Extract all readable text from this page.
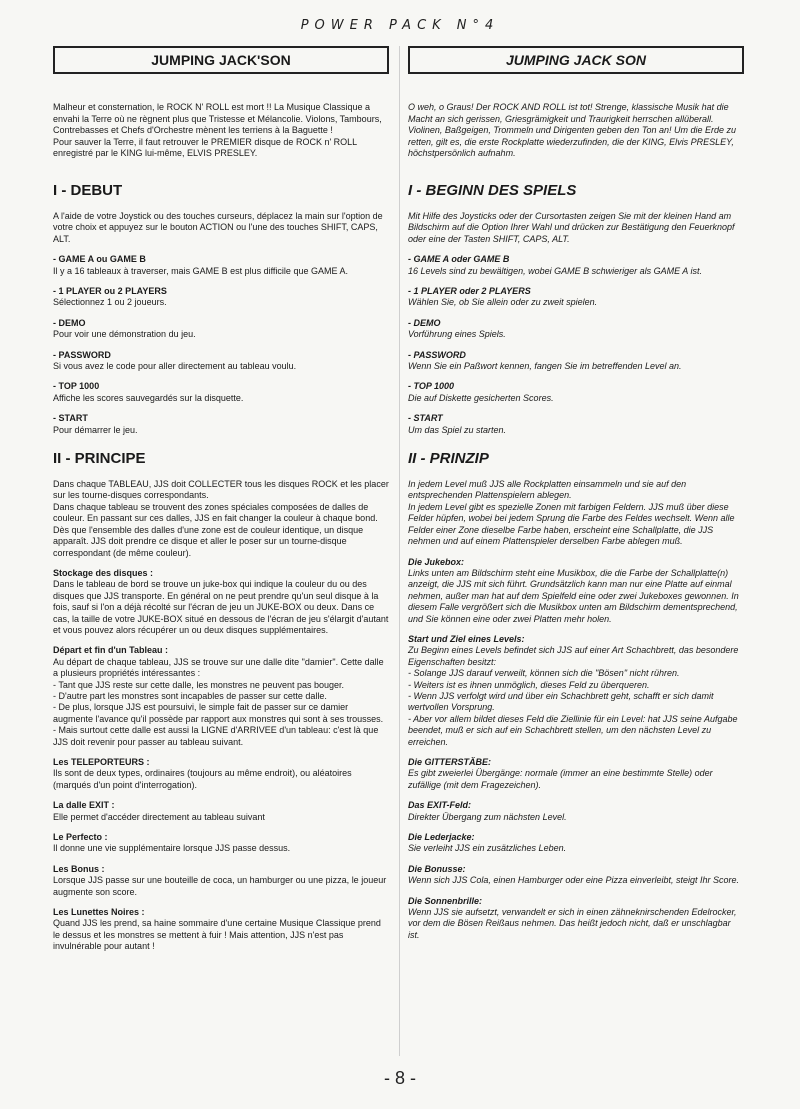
POWER PACK N°4
JUMPING JACK'SON

Malheur et consternation, le ROCK N' ROLL est mort !! La Musique Classique a envahi la Terre où ne règnent plus que Tristesse et Mélancolie. Violons, Tambours, Contrebasses et Chefs d'Orchestre mènent les terriens à la Baguette !
Pour sauver la Terre, il faut retrouver le PREMIER disque de ROCK n' ROLL enregistré par le KING lui-même, ELVIS PRESLEY.

I - DEBUT
A l'aide de votre Joystick ou des touches curseurs, déplacez la main sur l'option de votre choix et appuyez sur le bouton ACTION ou l'une des touches SHIFT, CAPS, ALT.
- GAME A ou GAME B
Il y a 16 tableaux à traverser, mais GAME B est plus difficile que GAME A.
- 1 PLAYER ou 2 PLAYERS
Sélectionnez 1 ou 2 joueurs.
- DEMO
Pour voir une démonstration du jeu.
- PASSWORD
Si vous avez le code pour aller directement au tableau voulu.
- TOP 1000
Affiche les scores sauvegardés sur la disquette.
- START
Pour démarrer le jeu.
II - PRINCIPE
Dans chaque TABLEAU, JJS doit COLLECTER tous les disques ROCK et les placer sur les tourne-disques correspondants.
Dans chaque tableau se trouvent des zones spéciales composées de dalles de couleur. En passant sur ces dalles, JJS en fait changer la couleur à chaque bond. Dès que l'ensemble des dalles d'une zone est de couleur identique, un disque apparaît. JJS doit prendre ce disque et aller le poser sur un tourne-disque correspondant (de même couleur).
Stockage des disques :
Dans le tableau de bord se trouve un juke-box qui indique la couleur du ou des disques que JJS transporte. En général on ne peut prendre qu'un seul disque à la fois, sauf si l'on a déjà récolté sur l'écran de jeu un JUKE-BOX ou deux. Dans ce cas, la taille de votre JUKE-BOX situé en dessous de l'écran de jeu s'élargit d'autant et vous pouvez alors récupérer un ou deux disques supplémentaires.
Départ et fin d'un Tableau :
Au départ de chaque tableau, JJS se trouve sur une dalle dite "damier". Cette dalle a plusieurs propriétés intéressantes :
- Tant que JJS reste sur cette dalle, les monstres ne peuvent pas bouger.
- D'autre part les monstres sont incapables de passer sur cette dalle.
- De plus, lorsque JJS est poursuivi, le simple fait de passer sur ce damier augmente l'avance qu'il possède par rapport aux monstres qui sont à ses trousses.
- Mais surtout cette dalle est aussi la LIGNE d'ARRIVEE d'un tableau: c'est là que JJS doit revenir pour passer au tableau suivant.
Les TELEPORTEURS :
Ils sont de deux types, ordinaires (toujours au même endroit), ou aléatoires (marqués d'un point d'interrogation).
La dalle EXIT :
Elle permet d'accéder directement au tableau suivant
Le Perfecto :
Il donne une vie supplémentaire lorsque JJS passe dessus.
Les Bonus :
Lorsque JJS passe sur une bouteille de coca, un hamburger ou une pizza, le joueur augmente son score.
Les Lunettes Noires :
Quand JJS les prend, sa haine sommaire d'une certaine Musique Classique prend le dessus et les monstres se mettent à fuir ! Mais attention, JJS n'est pas invulnérable pour autant !
JUMPING JACK SON

O weh, o Graus! Der ROCK AND ROLL ist tot! Strenge, klassische Musik hat die Macht an sich gerissen, Griesgrämigkeit und Traurigkeit herrschen allüberall. Violinen, Baßgeigen, Trommeln und Dirigenten geben den Ton an! Um die Erde zu retten, gilt es, die erste Rockplatte wiederzufinden, die der KING, Elvis PRESLEY, höchstpersönlich aufnahm.

I - BEGINN DES SPIELS
Mit Hilfe des Joysticks oder der Cursortasten zeigen Sie mit der kleinen Hand am Bildschirm auf die Option Ihrer Wahl und drücken zur Bestätigung den Feuerknopf oder eine der Tasten SHIFT, CAPS, ALT.
- GAME A oder GAME B
16 Levels sind zu bewältigen, wobei GAME B schwieriger als GAME A ist.
- 1 PLAYER oder 2 PLAYERS
Wählen Sie, ob Sie allein oder zu zweit spielen.
- DEMO
Vorführung eines Spiels.
- PASSWORD
Wenn Sie ein Paßwort kennen, fangen Sie im betreffenden Level an.
- TOP 1000
Die auf Diskette gesicherten Scores.
- START
Um das Spiel zu starten.
II - PRINZIP
In jedem Level muß JJS alle Rockplatten einsammeln und sie auf den entsprechenden Plattenspielern ablegen.
In jedem Level gibt es spezielle Zonen mit farbigen Feldern. JJS muß über diese Felder hüpfen, wobei bei jedem Sprung die Farbe des Feldes wechselt. Wenn alle Felder einer Zone dieselbe Farbe haben, erscheint eine Schallplatte, die JJS nehmen und auf einem Plattenspieler derselben Farbe ablegen muß.
Die Jukebox:
Links unten am Bildschirm steht eine Musikbox, die die Farbe der Schallplatte(n) anzeigt, die JJS mit sich führt. Grundsätzlich kann man nur eine Platte auf einmal nehmen, außer man hat auf dem Spielfeld eine oder zwei Jukeboxes gewonnen. In diesem Falle vergrößert sich die Musikbox unten am Bildschirm dementsprechend, und Sie können eine oder zwei Platten mehr holen.
Start und Ziel eines Levels:
Zu Beginn eines Levels befindet sich JJS auf einer Art Schachbrett, das besondere Eigenschaften besitzt:
- Solange JJS darauf verweilt, können sich die "Bösen" nicht rühren.
- Weiters ist es ihnen unmöglich, dieses Feld zu überqueren.
- Wenn JJS verfolgt wird und über ein Schachbrett geht, schafft er sich damit wertvollen Vorsprung.
- Aber vor allem bildet dieses Feld die Ziellinie für ein Level: hat JJS seine Aufgabe beendet, muß er sich auf ein Schachbrett stellen, um den nächsten Level zu erreichen.
Die GITTERSTÄBE:
Es gibt zweierlei Übergänge: normale (immer an eine bestimmte Stelle) oder zufällige (mit dem Fragezeichen).
Das EXIT-Feld:
Direkter Übergang zum nächsten Level.
Die Lederjacke:
Sie verleiht JJS ein zusätzliches Leben.
Die Bonusse:
Wenn sich JJS Cola, einen Hamburger oder eine Pizza einverleibt, steigt Ihr Score.
Die Sonnenbrille:
Wenn JJS sie aufsetzt, verwandelt er sich in einen zähneknirschenden Edelrocker, vor dem die Bösen Reißaus nehmen. Das heißt jedoch nicht, daß er unschlagbar ist.
- 8 -
